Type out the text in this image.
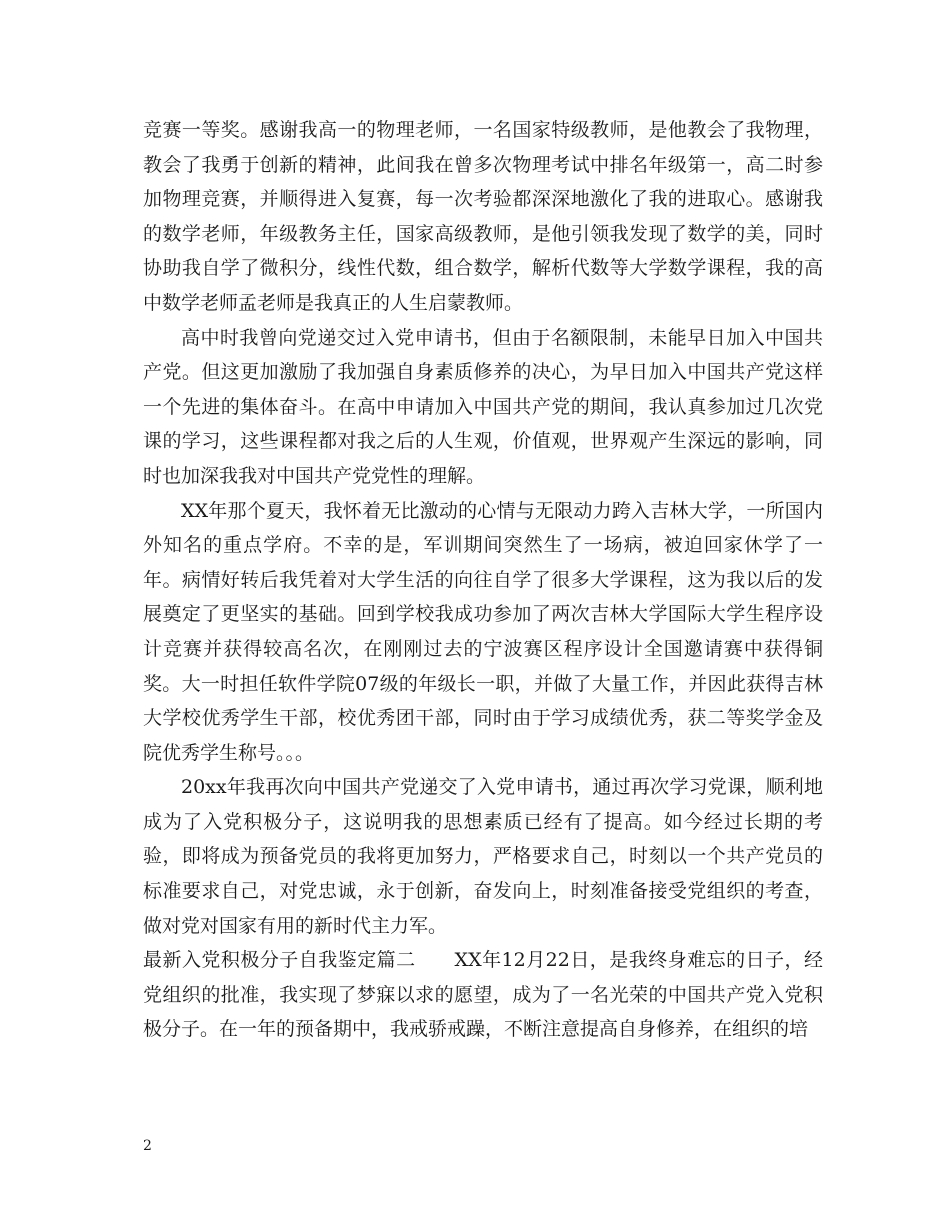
竞赛一等奖。感谢我高一的物理老师，一名国家特级教师，是他教会了我物理，教会了我勇于创新的精神，此间我在曾多次物理考试中排名年级第一，高二时参加物理竞赛，并顺得进入复赛，每一次考验都深深地激化了我的进取心。感谢我的数学老师，年级教务主任，国家高级教师，是他引领我发现了数学的美，同时协助我自学了微积分，线性代数，组合数学，解析代数等大学数学课程，我的高中数学老师孟老师是我真正的人生启蒙教师。

高中时我曾向党递交过入党申请书，但由于名额限制，未能早日加入中国共产党。但这更加激励了我加强自身素质修养的决心，为早日加入中国共产党这样一个先进的集体奋斗。在高中申请加入中国共产党的期间，我认真参加过几次党课的学习，这些课程都对我之后的人生观，价值观，世界观产生深远的影响，同时也加深我我对中国共产党党性的理解。

XX年那个夏天，我怀着无比激动的心情与无限动力跨入吉林大学，一所国内外知名的重点学府。不幸的是，军训期间突然生了一场病，被迫回家休学了一年。病情好转后我凭着对大学生活的向往自学了很多大学课程，这为我以后的发展奠定了更坚实的基础。回到学校我成功参加了两次吉林大学国际大学生程序设计竞赛并获得较高名次，在刚刚过去的宁波赛区程序设计全国邀请赛中获得铜奖。大一时担任软件学院07级的年级长一职，并做了大量工作，并因此获得吉林大学校优秀学生干部，校优秀团干部，同时由于学习成绩优秀，获二等奖学金及院优秀学生称号。。。

20xx年我再次向中国共产党递交了入党申请书，通过再次学习党课，顺利地成为了入党积极分子，这说明我的思想素质已经有了提高。如今经过长期的考验，即将成为预备党员的我将更加努力，严格要求自己，时刻以一个共产党员的标准要求自己，对党忠诚，永于创新，奋发向上，时刻准备接受党组织的考查，做对党对国家有用的新时代主力军。

最新入党积极分子自我鉴定篇二　　XX年12月22日，是我终身难忘的日子，经党组织的批准，我实现了梦寐以求的愿望，成为了一名光荣的中国共产党入党积极分子。在一年的预备期中，我戒骄戒躁，不断注意提高自身修养，在组织的培

2
